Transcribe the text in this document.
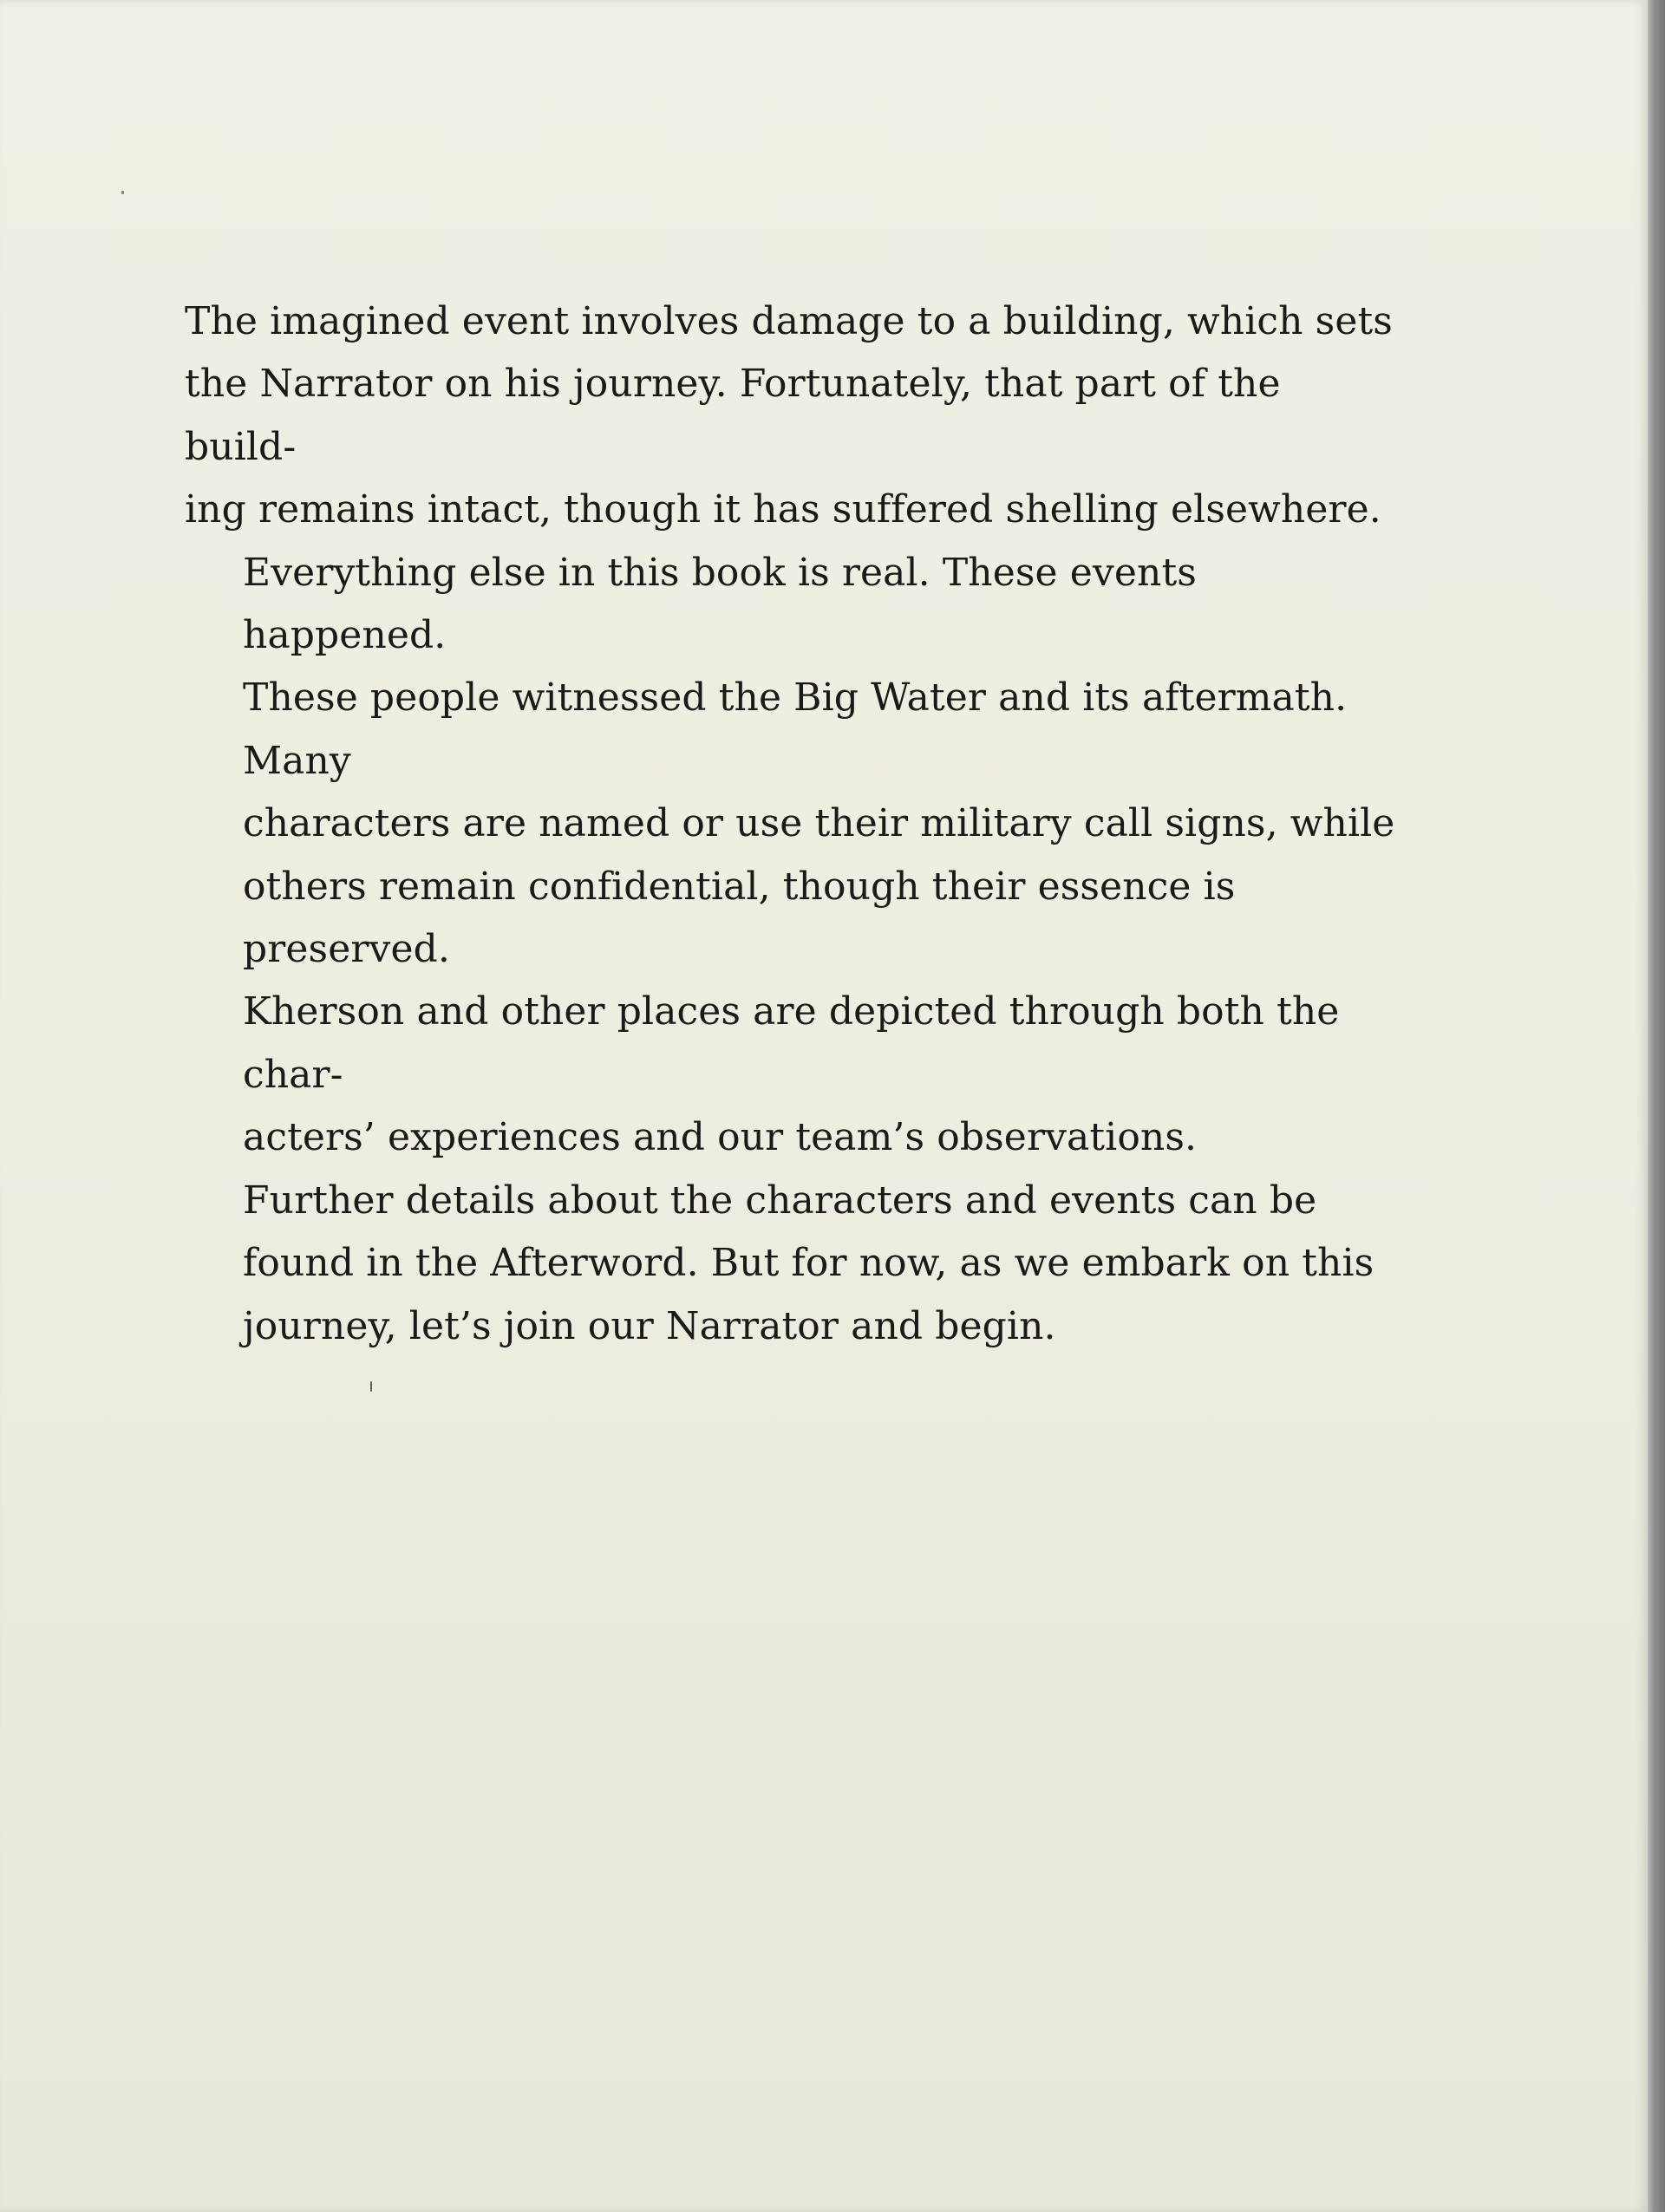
The imagined event involves damage to a building, which sets
the Narrator on his journey. Fortunately, that part of the build-
ing remains intact, though it has suffered shelling elsewhere.

Everything else in this book is real. These events happened.
These people witnessed the Big Water and its aftermath. Many
characters are named or use their military call signs, while
others remain confidential, though their essence is preserved.
Kherson and other places are depicted through both the char-
acters’ experiences and our team’s observations.

Further details about the characters and events can be
found in the Afterword. But for now, as we embark on this
journey, let’s join our Narrator and begin.
